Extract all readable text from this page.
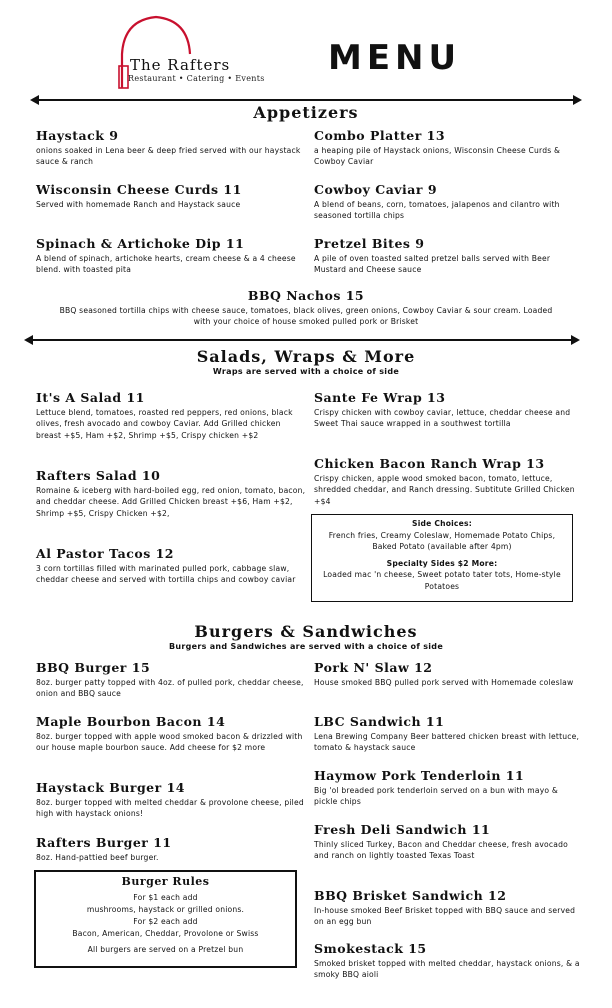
The Rafters
Restaurant • Catering • Events
MENU
Appetizers
Haystack 9
onions soaked in Lena beer & deep fried served with our haystack sauce & ranch
Combo Platter 13
a heaping pile of Haystack onions, Wisconsin Cheese Curds & Cowboy Caviar
Wisconsin Cheese Curds 11
Served with homemade Ranch and Haystack sauce
Cowboy Caviar 9
A blend of beans, corn, tomatoes, jalapenos and cilantro with seasoned tortilla chips
Spinach & Artichoke Dip 11
A blend of spinach, artichoke hearts, cream cheese & a 4 cheese blend. with toasted pita
Pretzel Bites 9
A pile of oven toasted salted pretzel balls served with Beer Mustard and Cheese sauce
BBQ Nachos 15
BBQ seasoned tortilla chips with cheese sauce, tomatoes, black olives, green onions, Cowboy Caviar & sour cream. Loaded with your choice of house smoked pulled pork or Brisket
Salads, Wraps & More
Wraps are served with a choice of side
It's A Salad 11
Lettuce blend, tomatoes, roasted red peppers, red onions, black olives, fresh avocado and cowboy Caviar. Add Grilled chicken breast +$5, Ham +$2, Shrimp +$5, Crispy chicken +$2
Sante Fe Wrap 13
Crispy chicken with cowboy caviar, lettuce, cheddar cheese and Sweet Thai sauce wrapped in a southwest tortilla
Rafters Salad 10
Romaine & iceberg with hard-boiled egg, red onion, tomato, bacon, and cheddar cheese. Add Grilled Chicken breast +$6, Ham +$2, Shrimp +$5, Crispy Chicken +$2,
Chicken Bacon Ranch Wrap 13
Crispy chicken, apple wood smoked bacon, tomato, lettuce, shredded cheddar, and Ranch dressing. Subtitute Grilled Chicken +$4
Al Pastor Tacos 12
3 corn tortillas filled with marinated pulled pork, cabbage slaw, cheddar cheese and served with tortilla chips and cowboy caviar
Side Choices:
French fries, Creamy Coleslaw, Homemade Potato Chips, Baked Potato (available after 4pm)
Specialty Sides $2 More:
Loaded mac 'n cheese, Sweet potato tater tots, Home-style Potatoes
Burgers & Sandwiches
Burgers and Sandwiches are served with a choice of side
BBQ Burger 15
8oz. burger patty topped with 4oz. of pulled pork, cheddar cheese, onion and BBQ sauce
Pork N' Slaw 12
House smoked BBQ pulled pork served with Homemade coleslaw
Maple Bourbon Bacon 14
8oz. burger topped with apple wood smoked bacon & drizzled with our house maple bourbon sauce. Add cheese for $2 more
LBC Sandwich 11
Lena Brewing Company Beer battered chicken breast with lettuce, tomato & haystack sauce
Haymow Pork Tenderloin 11
Big 'ol breaded pork tenderloin served on a bun with mayo & pickle chips
Haystack Burger 14
8oz. burger topped with melted cheddar & provolone cheese, piled high with haystack onions!
Fresh Deli Sandwich 11
Thinly sliced Turkey, Bacon and Cheddar cheese, fresh avocado and ranch on lightly toasted Texas Toast
Rafters Burger 11
8oz. Hand-pattied beef burger.
BBQ Brisket Sandwich 12
In-house smoked Beef Brisket topped with BBQ sauce and served on an egg bun
Smokestack 15
Smoked brisket topped with melted cheddar, haystack onions, & a smoky BBQ aioli
Burger Rules
For $1 each add
mushrooms, haystack or grilled onions.
For $2 each add
Bacon, American, Cheddar, Provolone or Swiss
All burgers are served on a Pretzel bun
